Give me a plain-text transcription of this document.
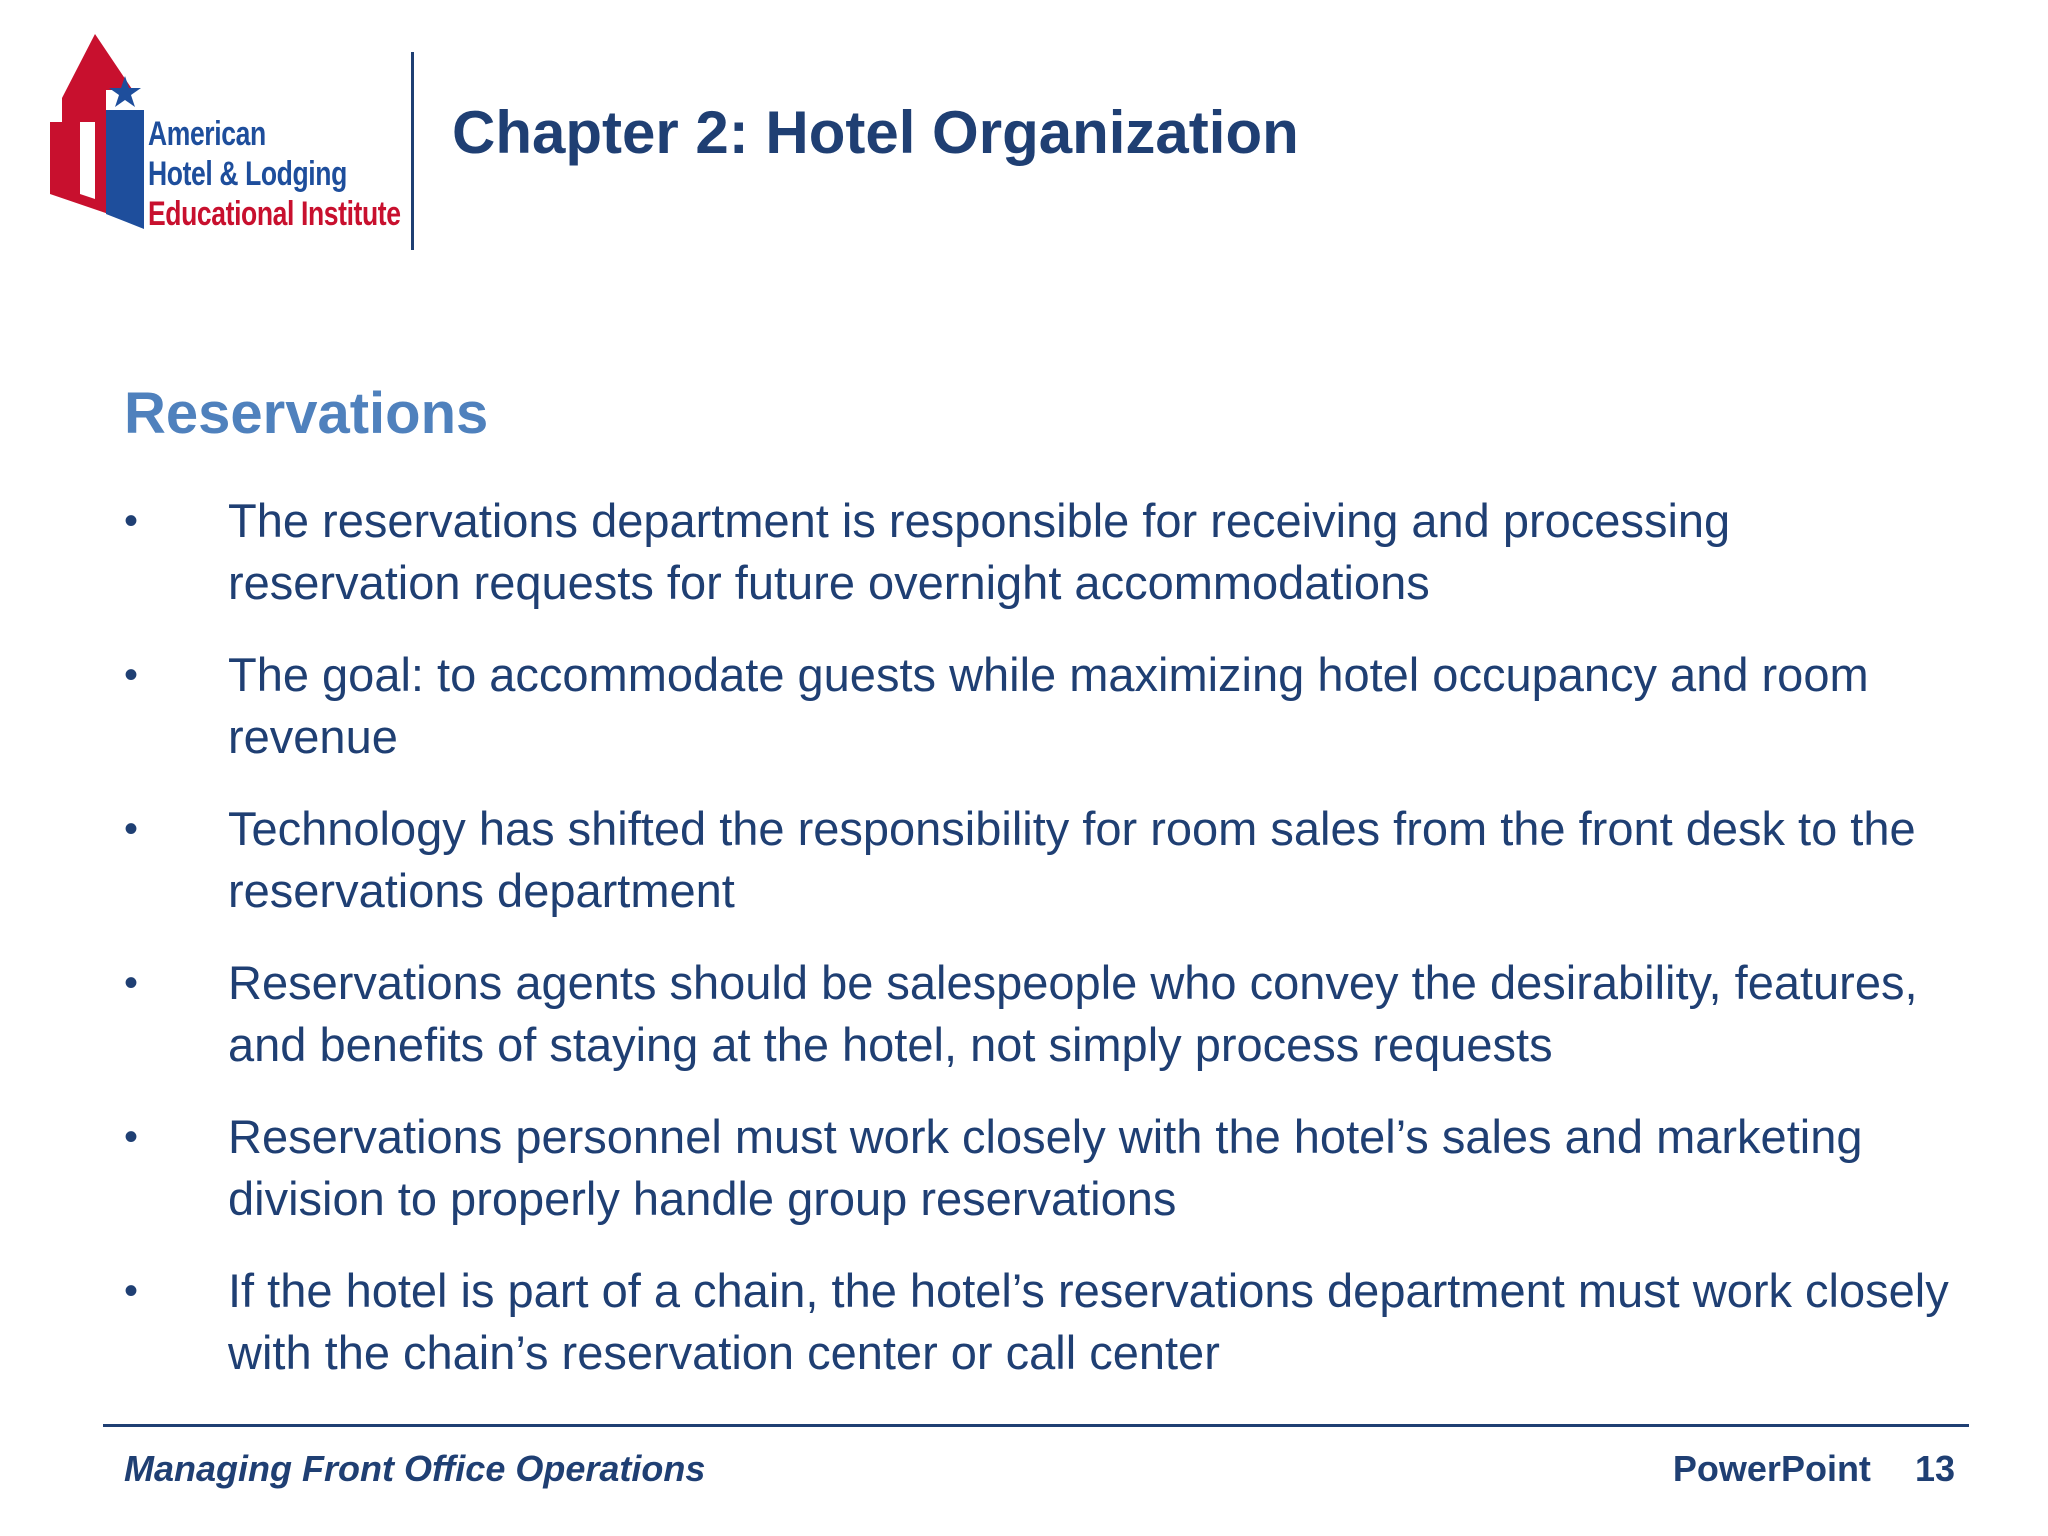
American
Hotel & Lodging
Educational Institute
Chapter 2: Hotel Organization
Reservations
• The reservations department is responsible for receiving and processing reservation requests for future overnight accommodations
• The goal: to accommodate guests while maximizing hotel occupancy and room revenue
• Technology has shifted the responsibility for room sales from the front desk to the reservations department
• Reservations agents should be salespeople who convey the desirability, features, and benefits of staying at the hotel, not simply process requests
• Reservations personnel must work closely with the hotel’s sales and marketing division to properly handle group reservations
• If the hotel is part of a chain, the hotel’s reservations department must work closely with the chain’s reservation center or call center
Managing Front Office Operations	PowerPoint 13
